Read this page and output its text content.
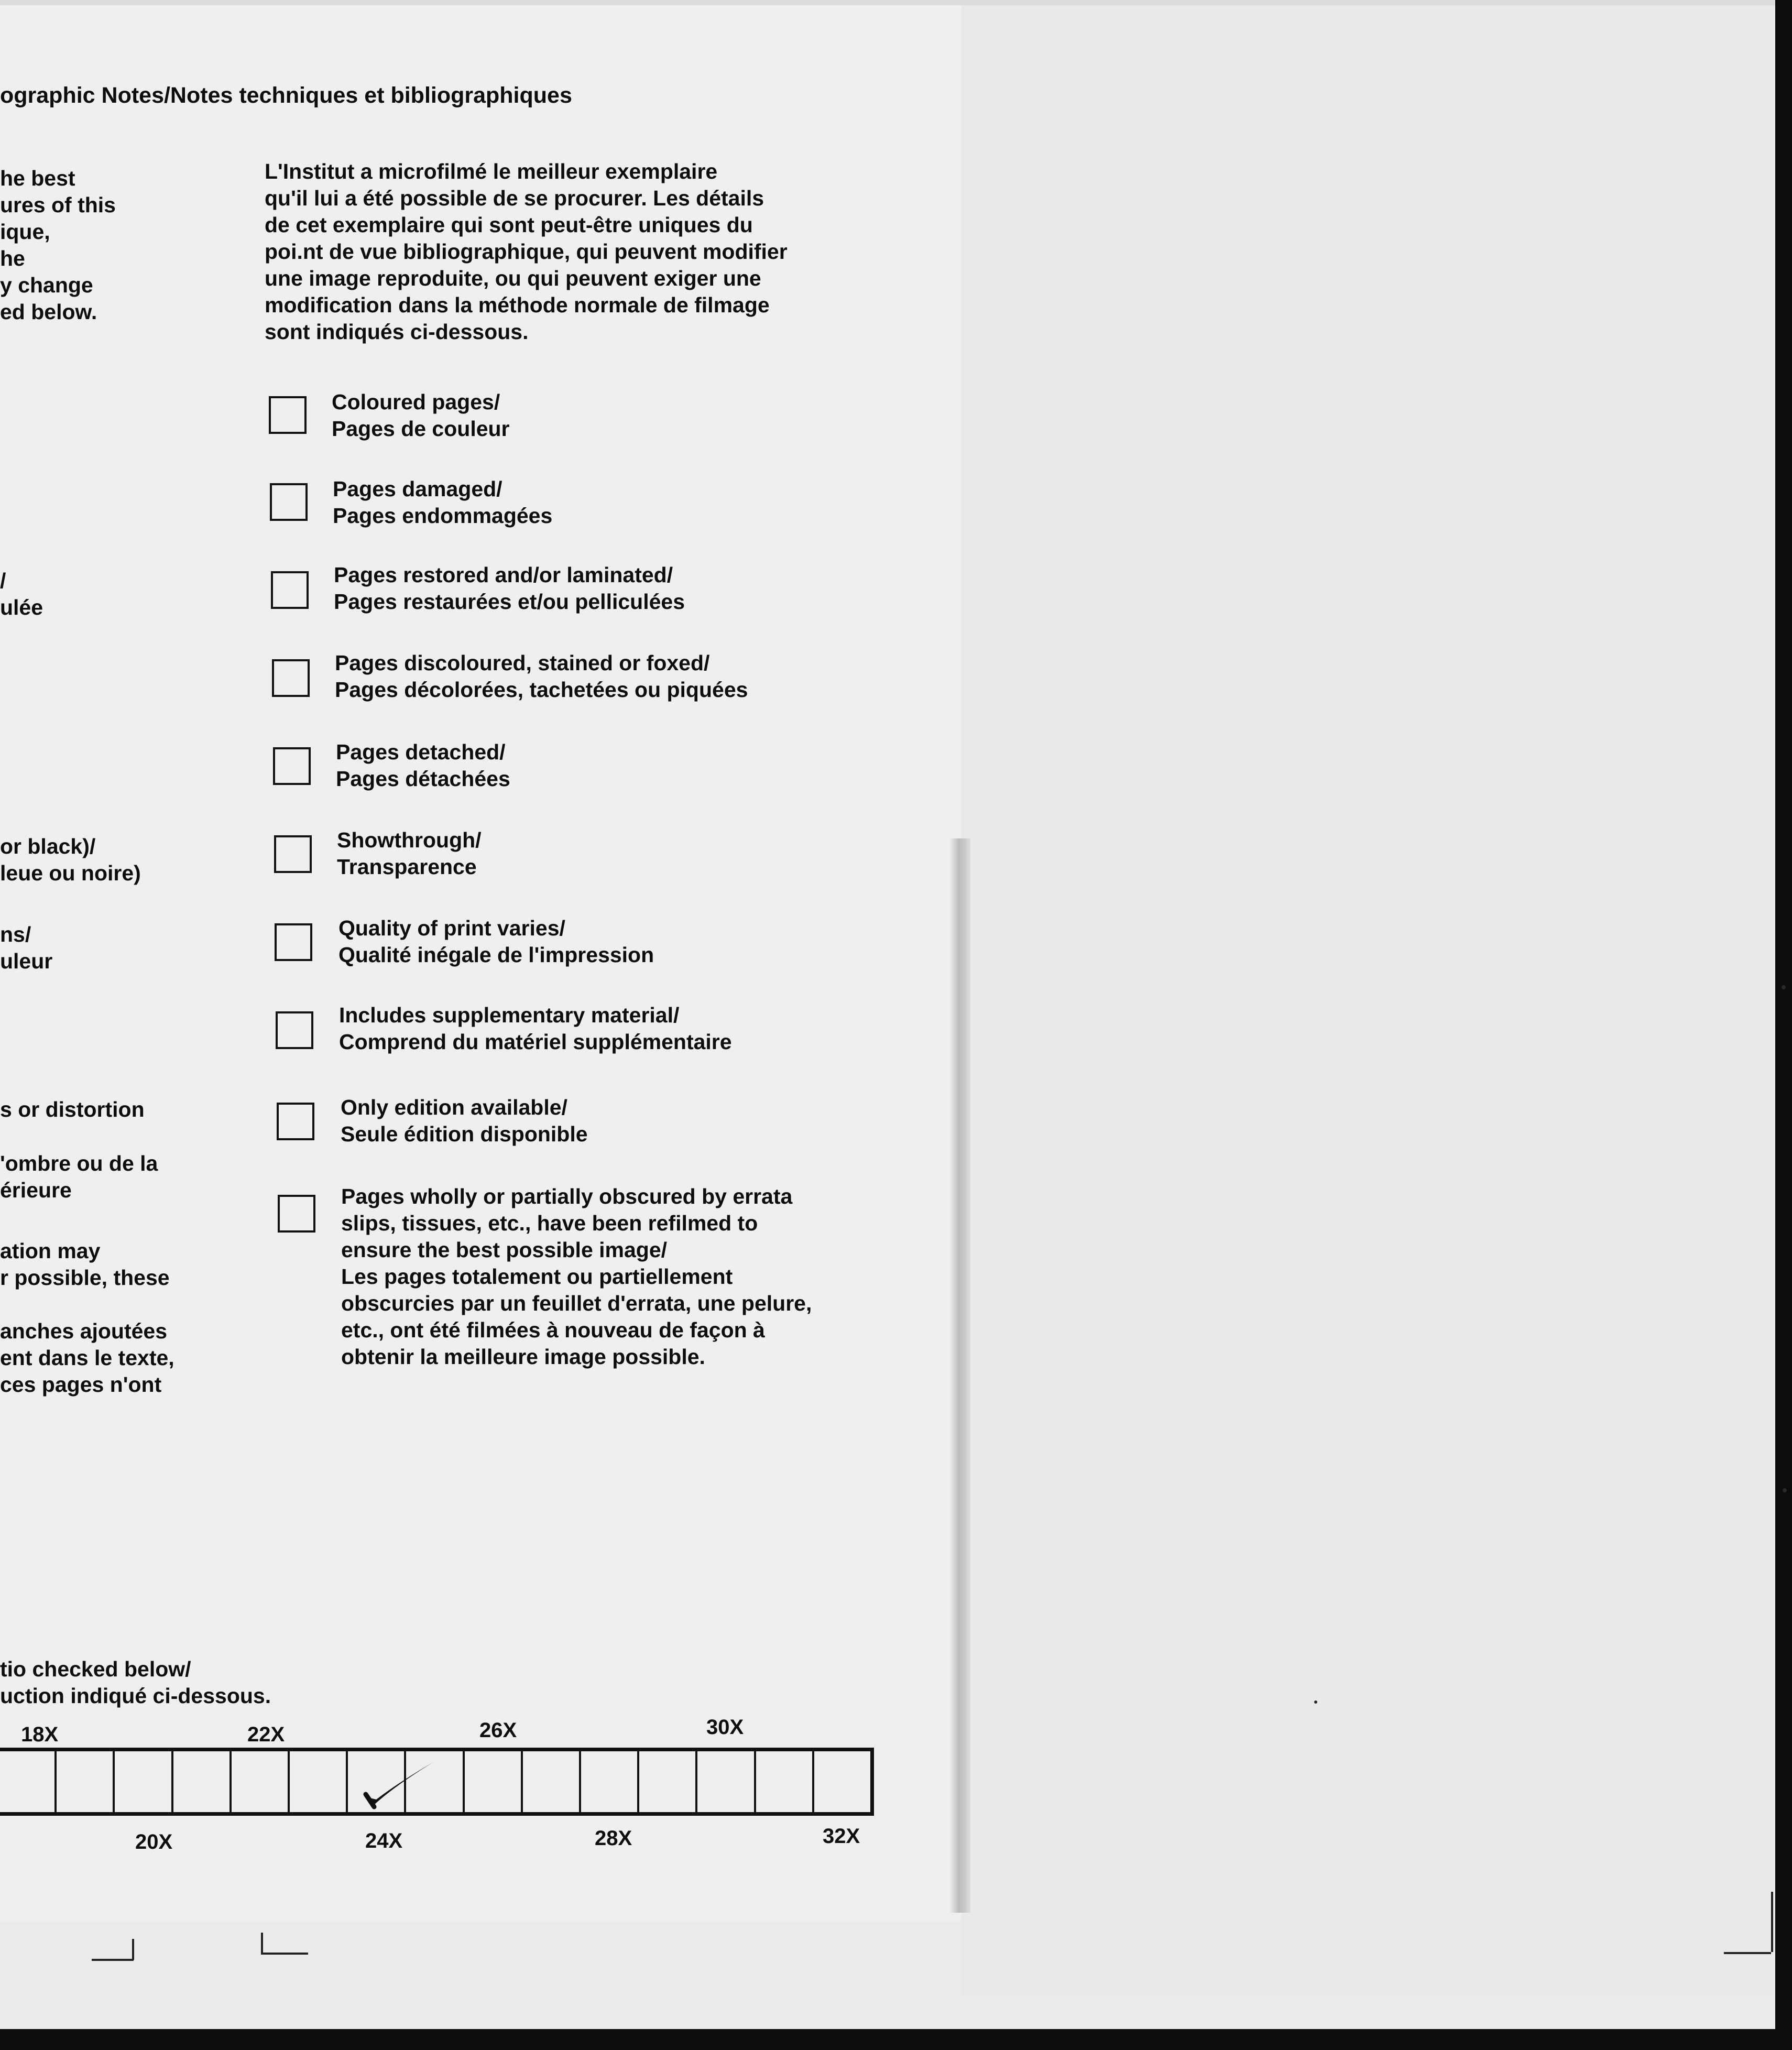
ographic Notes/Notes techniques et bibliographiques
he best
ures of this
ique,
he
y change
ed below.
/
ulée
or black)/
leue ou noire)
ns/
uleur
s or distortion
'ombre ou de la
érieure
ation may
r possible, these
anches ajoutées
ent dans le texte,
ces pages n'ont
tio checked below/
uction indiqué ci-dessous.
L'Institut a microfilmé le meilleur exemplaire
qu'il lui a été possible de se procurer. Les détails
de cet exemplaire qui sont peut-être uniques du
poi.nt de vue bibliographique, qui peuvent modifier
une image reproduite, ou qui peuvent exiger une
modification dans la méthode normale de filmage
sont indiqués ci-dessous.
Coloured pages/
Pages de couleur
Pages damaged/
Pages endommagées
Pages restored and/or laminated/
Pages restaurées et/ou pelliculées
Pages discoloured, stained or foxed/
Pages décolorées, tachetées ou piquées
Pages detached/
Pages détachées
Showthrough/
Transparence
Quality of print varies/
Qualité inégale de l'impression
Includes supplementary material/
Comprend du matériel supplémentaire
Only edition available/
Seule édition disponible
Pages wholly or partially obscured by errata
slips, tissues, etc., have been refilmed to
ensure the best possible image/
Les pages totalement ou partiellement
obscurcies par un feuillet d'errata, une pelure,
etc., ont été filmées à nouveau de façon à
obtenir la meilleure image possible.
18X	22X	26X	30X
20X	24X	28X	32X
